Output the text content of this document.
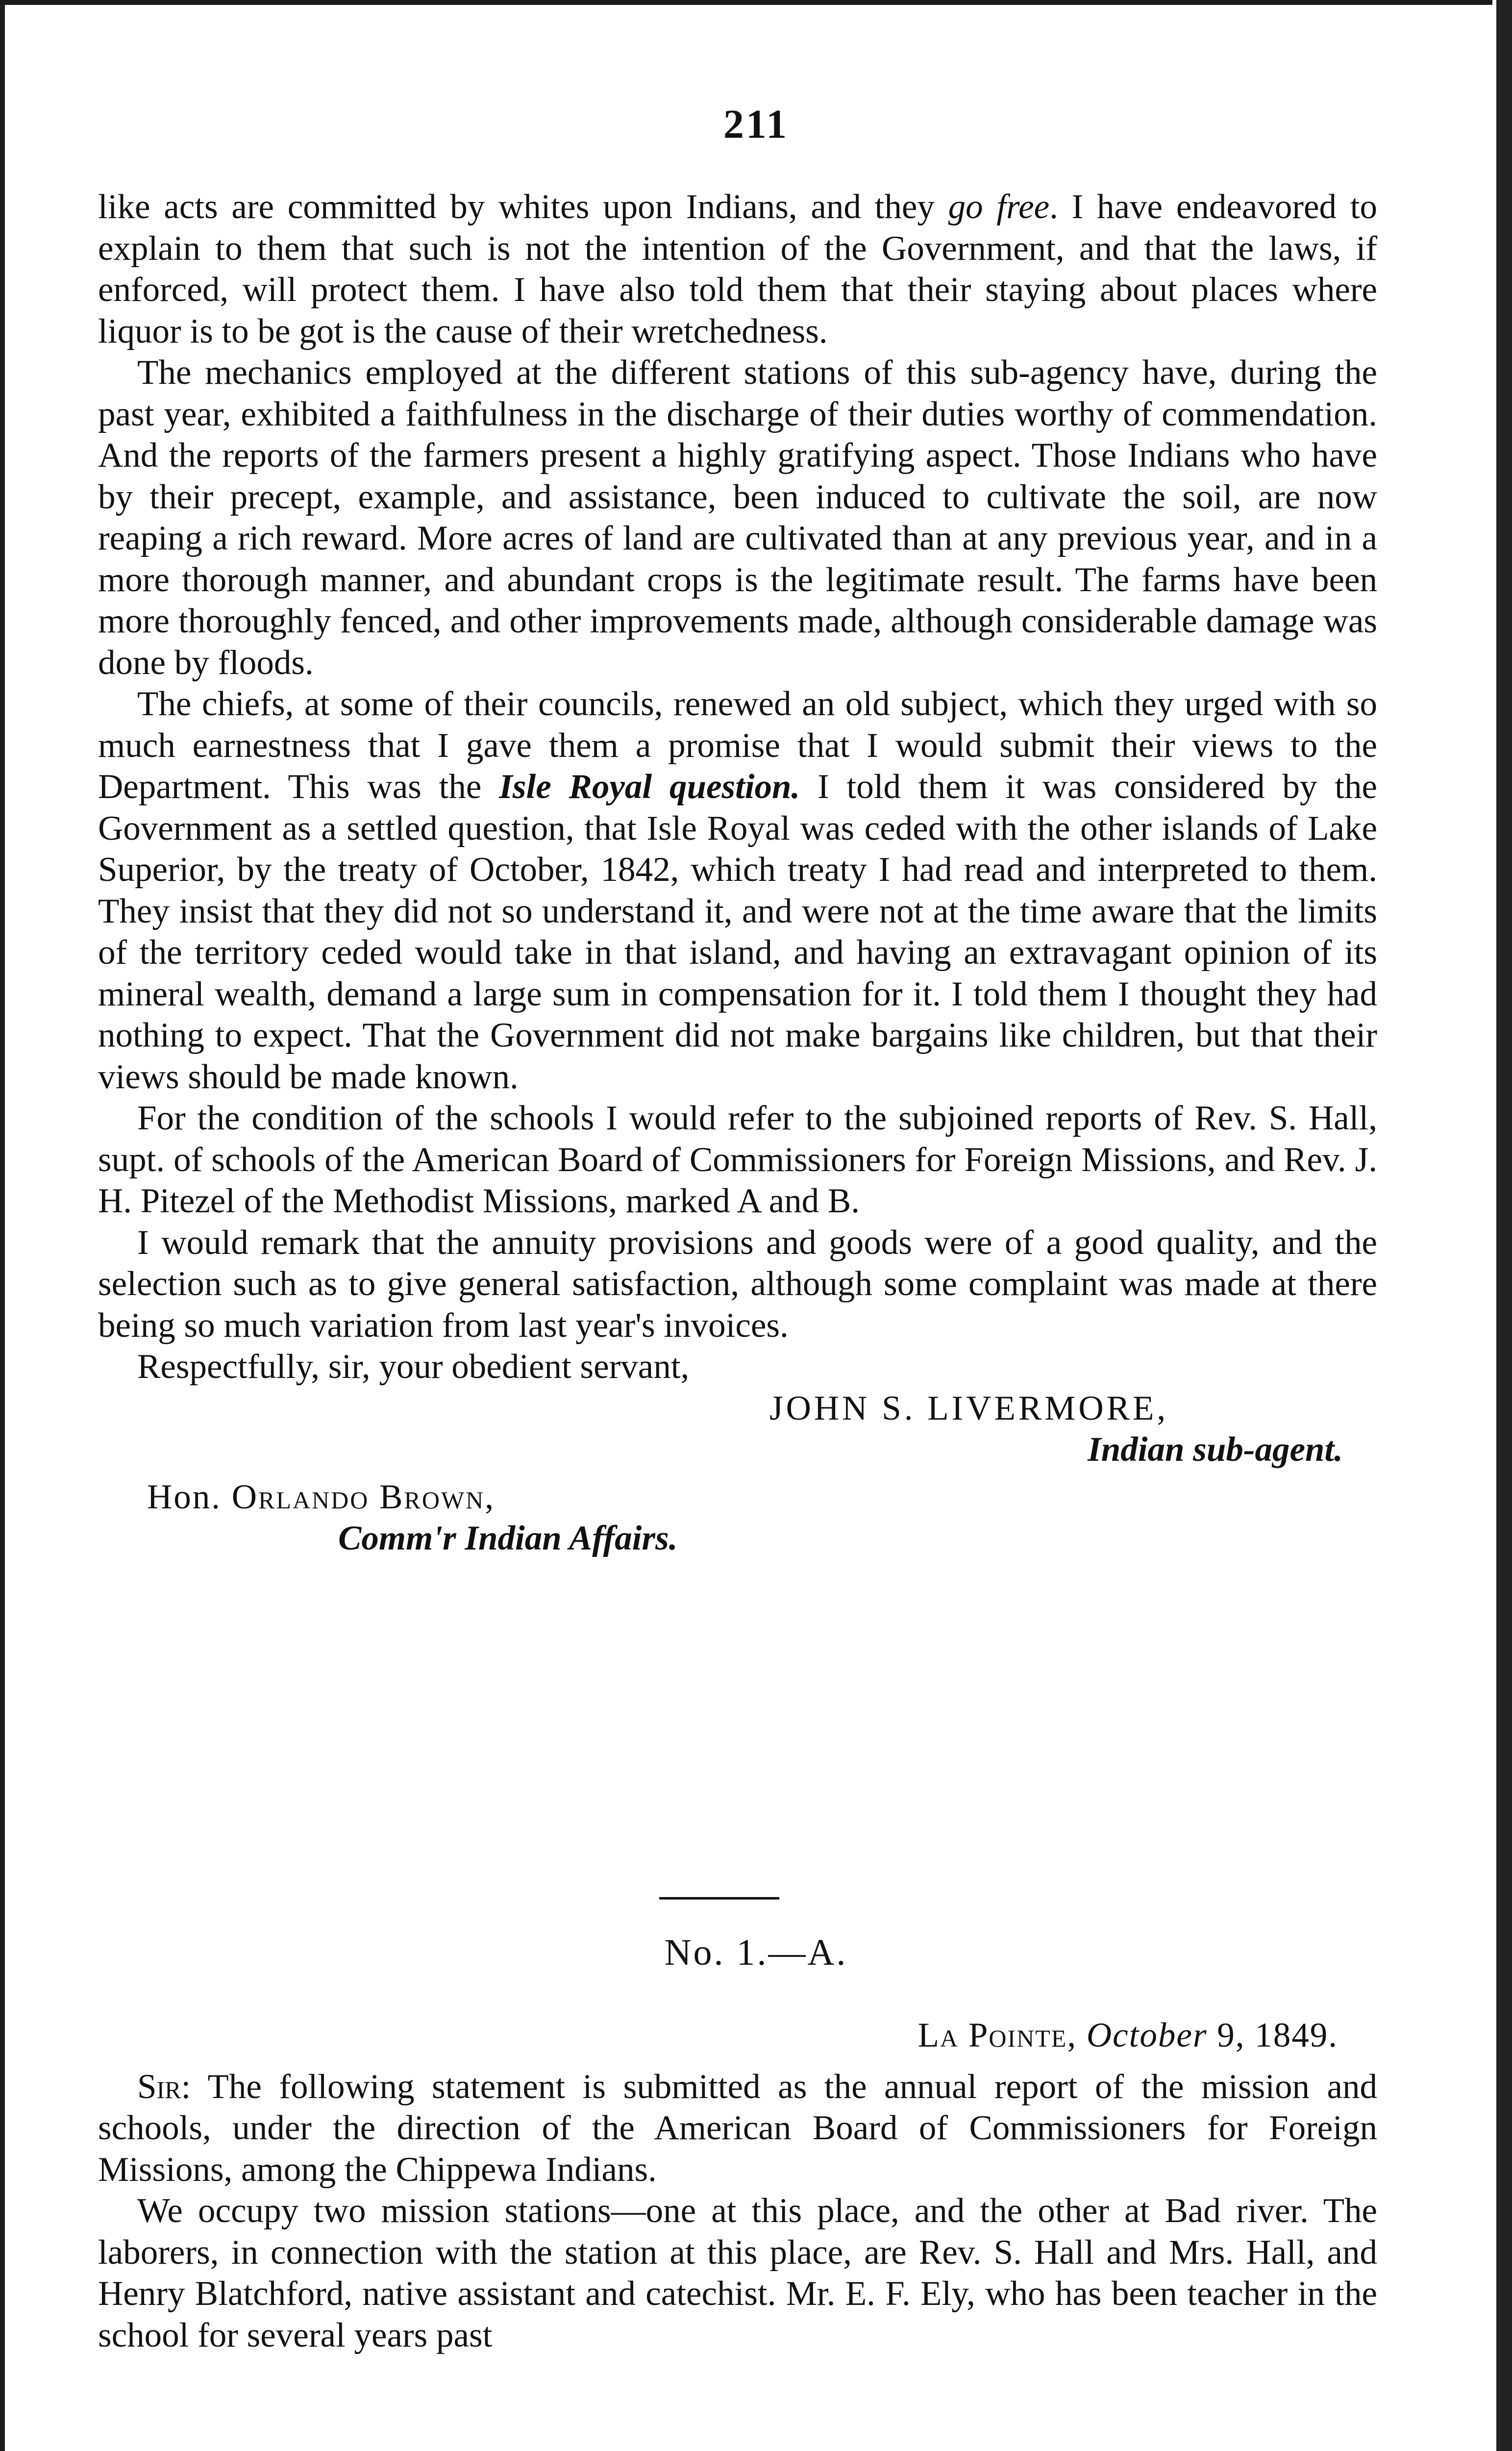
211

like acts are committed by whites upon Indians, and they go free. I have endeavored to explain to them that such is not the intention of the Government, and that the laws, if enforced, will protect them. I have also told them that their staying about places where liquor is to be got is the cause of their wretchedness.

The mechanics employed at the different stations of this sub-agency have, during the past year, exhibited a faithfulness in the discharge of their duties worthy of commendation. And the reports of the farmers present a highly gratifying aspect. Those Indians who have by their precept, example, and assistance, been induced to cultivate the soil, are now reaping a rich reward. More acres of land are cultivated than at any previous year, and in a more thorough manner, and abundant crops is the legitimate result. The farms have been more thoroughly fenced, and other improvements made, although considerable damage was done by floods.

The chiefs, at some of their councils, renewed an old subject, which they urged with so much earnestness that I gave them a promise that I would submit their views to the Department. This was the Isle Royal question. I told them it was considered by the Government as a settled question, that Isle Royal was ceded with the other islands of Lake Superior, by the treaty of October, 1842, which treaty I had read and interpreted to them. They insist that they did not so understand it, and were not at the time aware that the limits of the territory ceded would take in that island, and having an extravagant opinion of its mineral wealth, demand a large sum in compensation for it. I told them I thought they had nothing to expect. That the Government did not make bargains like children, but that their views should be made known.

For the condition of the schools I would refer to the subjoined reports of Rev. S. Hall, supt. of schools of the American Board of Commissioners for Foreign Missions, and Rev. J. H. Pitezel of the Methodist Missions, marked A and B.

I would remark that the annuity provisions and goods were of a good quality, and the selection such as to give general satisfaction, although some complaint was made at there being so much variation from last year's invoices.

Respectfully, sir, your obedient servant,

JOHN S. LIVERMORE,

Indian sub-agent.

Hon. Orlando Brown,

Comm'r Indian Affairs.

No. 1.—A.

La Pointe, October 9, 1849.

Sir: The following statement is submitted as the annual report of the mission and schools, under the direction of the American Board of Commissioners for Foreign Missions, among the Chippewa Indians.

We occupy two mission stations—one at this place, and the other at Bad river. The laborers, in connection with the station at this place, are Rev. S. Hall and Mrs. Hall, and Henry Blatchford, native assistant and catechist. Mr. E. F. Ely, who has been teacher in the school for several years past
